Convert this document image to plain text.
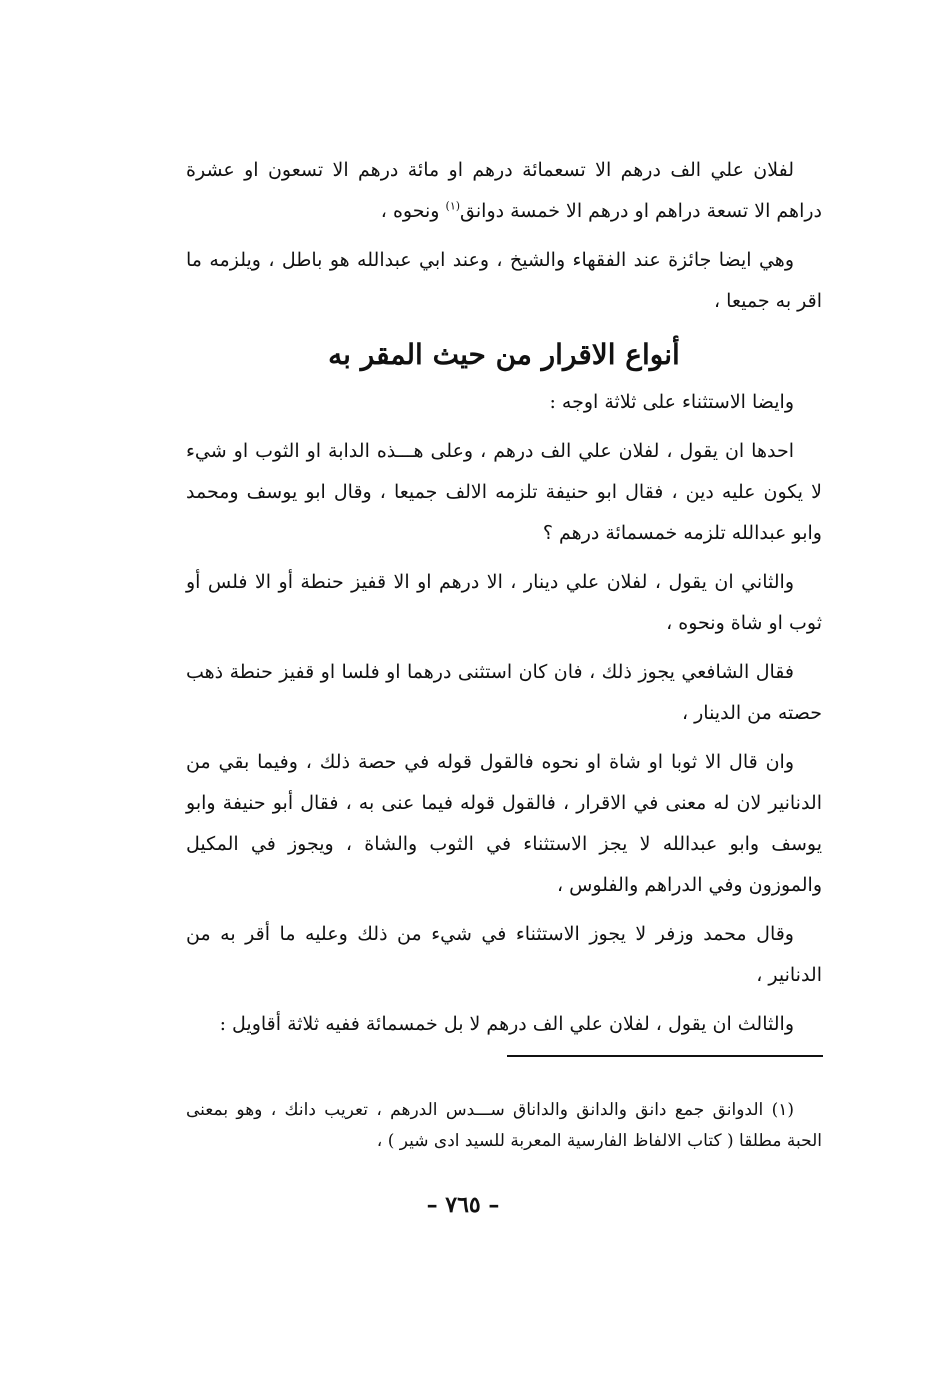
لفلان علي الف درهم الا تسعمائة درهم او مائة درهم الا تسعون او عشرة دراهم الا تسعة دراهم او درهم الا خمسة دوانق$^{(١)}$ ونحوه ،

وهي ايضا جائزة عند الفقهاء والشيخ ، وعند ابي عبدالله هو باطل ، ويلزمه ما اقر به جميعا ،

أنواع الاقرار من حيث المقر به

وايضا الاستثناء على ثلاثة اوجه :

احدها ان يقول ، لفلان علي الف درهم ، وعلى هـــذه الدابة او الثوب او شيء لا يكون عليه دين ، فقال ابو حنيفة تلزمه الالف جميعا ، وقال ابو يوسف ومحمد وابو عبدالله تلزمه خمسمائة درهم ؟

والثاني ان يقول ، لفلان علي دينار ، الا درهم او الا قفيز حنطة أو الا فلس أو ثوب او شاة ونحوه ،

فقال الشافعي يجوز ذلك ، فان كان استثنى درهما او فلسا او قفيز حنطة ذهب حصته من الدينار ،

وان قال الا ثوبا او شاة او نحوه فالقول قوله في حصة ذلك ، وفيما بقي من الدنانير لان له معنى في الاقرار ، فالقول قوله فيما عنى به ، فقال أبو حنيفة وابو يوسف وابو عبدالله لا يجز الاستثناء في الثوب والشاة ، ويجوز في المكيل والموزون وفي الدراهم والفلوس ،

وقال محمد وزفر لا يجوز الاستثناء في شيء من ذلك وعليه ما أقر به من الدنانير ،

والثالث ان يقول ، لفلان علي الف درهم لا بل خمسمائة ففيه ثلاثة أقاويل :

(١) الدوانق جمع دانق والدانق والداناق ســـدس الدرهم ، تعريب دانك ، وهو بمعنى الحبة مطلقا ( كتاب الالفاظ الفارسية المعربة للسيد ادى شير ) ،

– ٧٦٥ –
